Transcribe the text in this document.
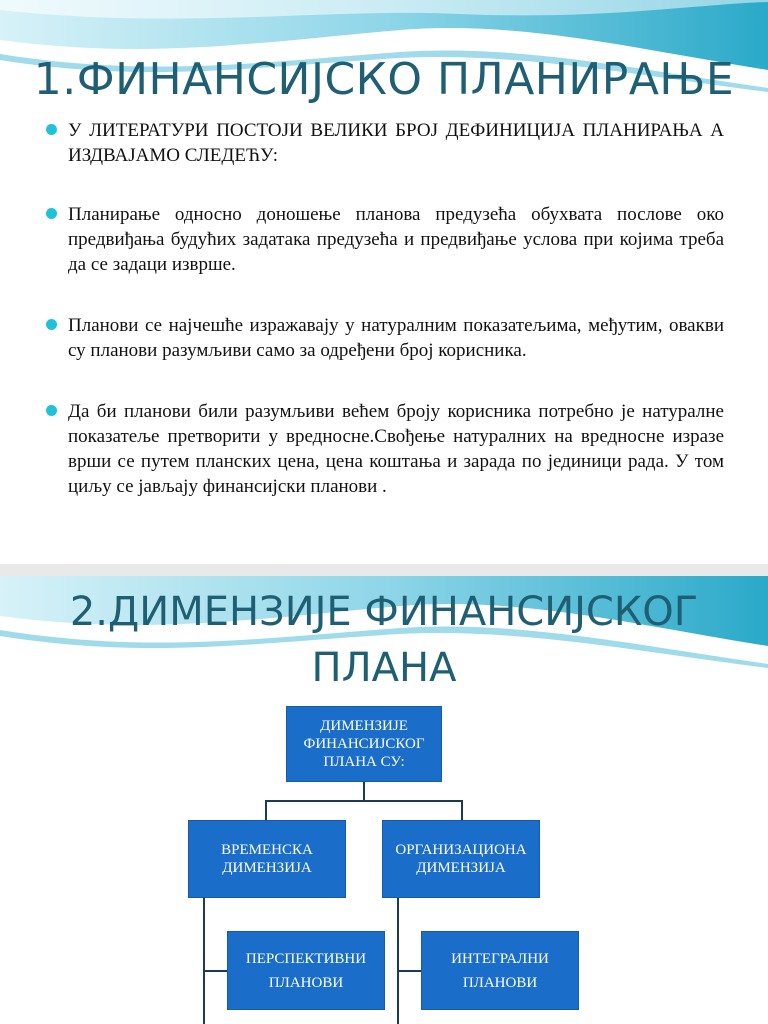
1.ФИНАНСИЈСКО ПЛАНИРАЊЕ
У ЛИТЕРАТУРИ ПОСТОЈИ ВЕЛИКИ БРОЈ ДЕФИНИЦИЈА ПЛАНИРАЊА А ИЗДВАЈАМО СЛЕДЕЋУ:
Планирање односно доношење планова предузећа обухвата послове око предвиђања будућих задатака предузећа и предвиђање услова при којима треба да се задаци изврше.
Планови се најчешће изражавају у натуралним показатељима, међутим, овакви су планови разумљиви само за одређени број корисника.
Да би планови били разумљиви већем броју корисника потребно је натуралне показатеље претворити у вредносне.Свођење натуралних на вредносне изразе врши се путем планских цена, цена коштања и зарада по јединици рада. У том циљу се јављају финансијски планови .
2.ДИМЕНЗИЈЕ ФИНАНСИЈСКОГ
ПЛАНА
ДИМЕНЗИЈЕ ФИНАНСИЈСКОГ ПЛАНА СУ:
ВРЕМЕНСКА ДИМЕНЗИЈА
ОРГАНИЗАЦИОНА ДИМЕНЗИЈА
ПЕРСПЕКТИВНИ ПЛАНОВИ
ИНТЕГРАЛНИ ПЛАНОВИ
